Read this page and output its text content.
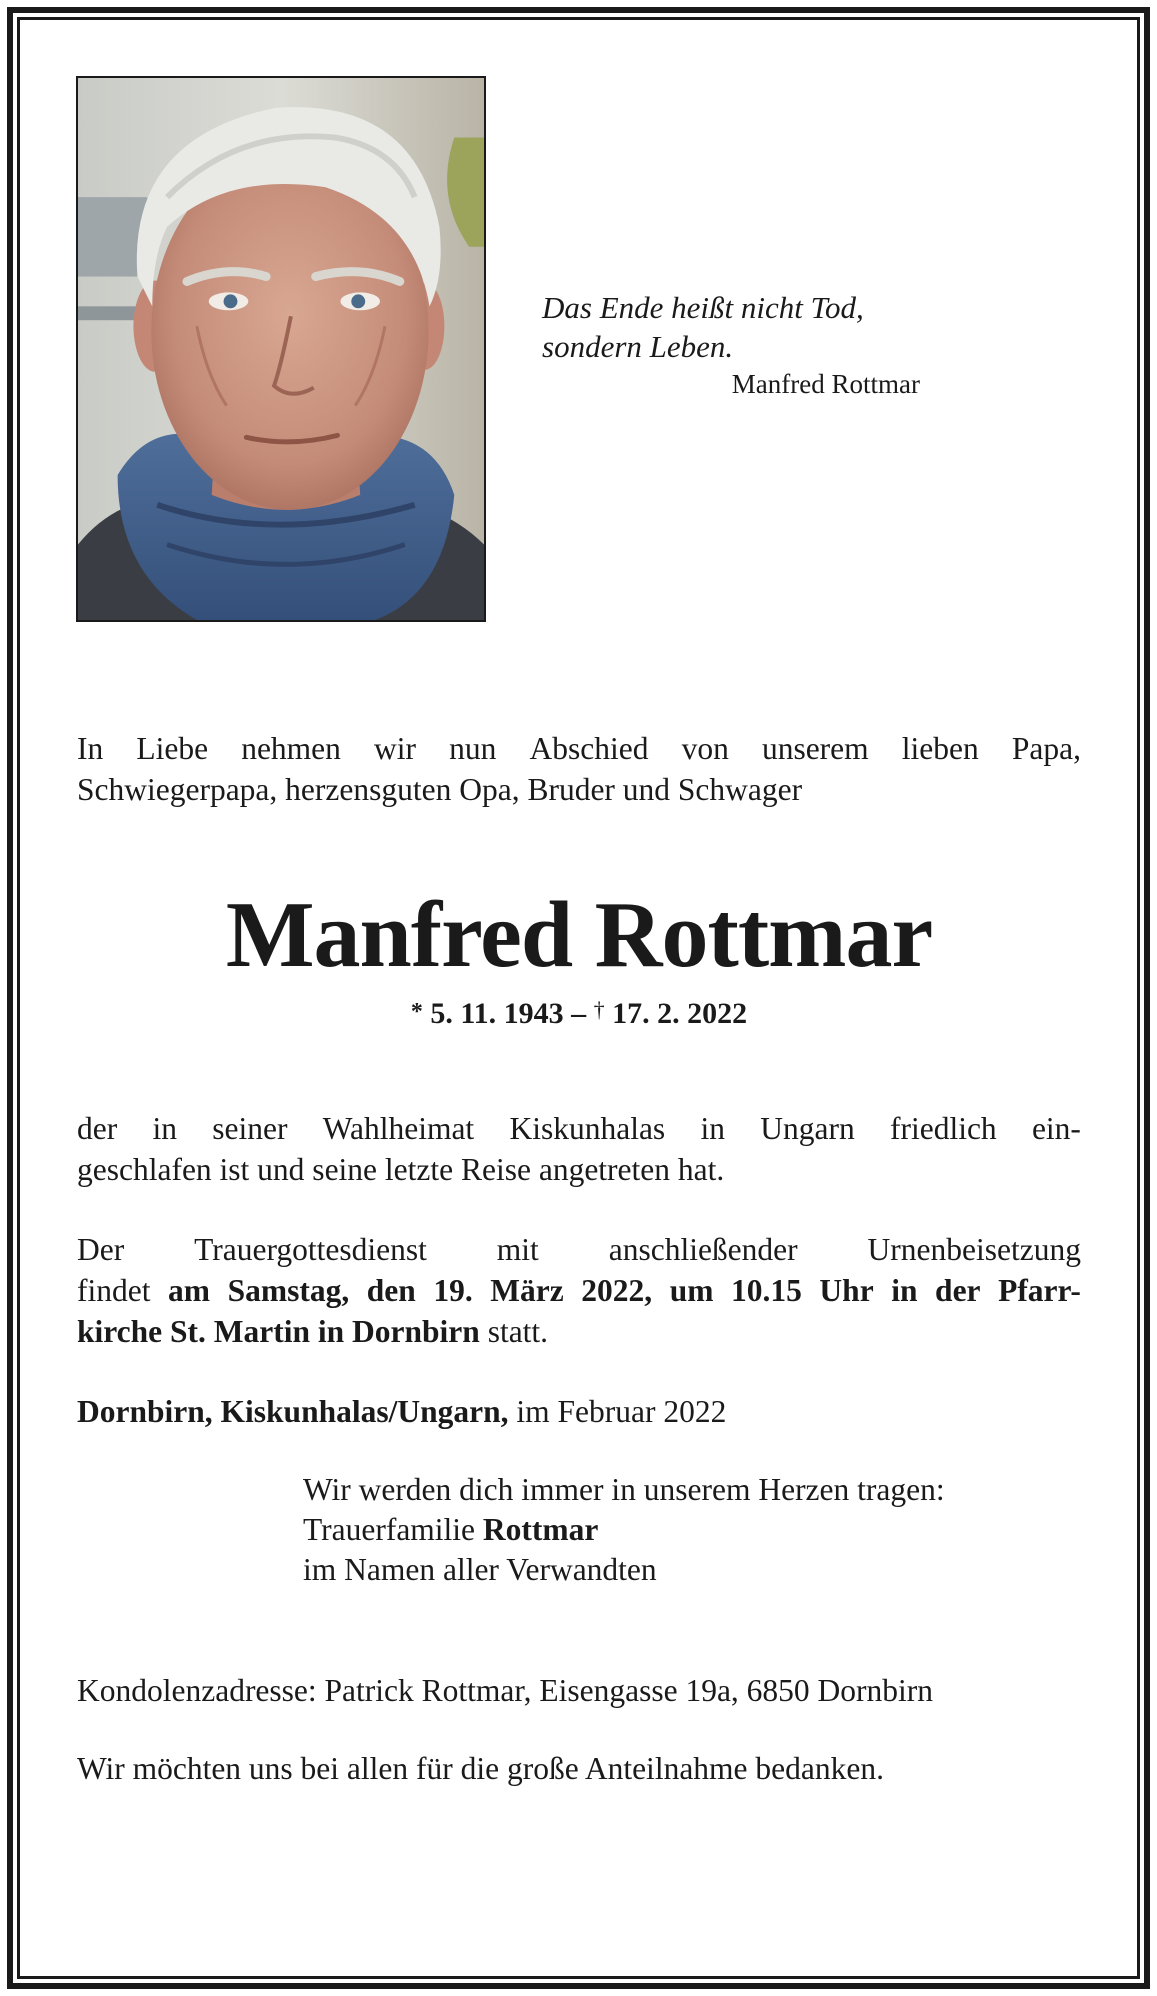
Das Ende heißt nicht Tod,
sondern Leben.
Manfred Rottmar
In Liebe nehmen wir nun Abschied von unserem lieben Papa,
Schwiegerpapa, herzensguten Opa, Bruder und Schwager
Manfred Rottmar
* 5. 11. 1943 – † 17. 2. 2022
der in seiner Wahlheimat Kiskunhalas in Ungarn friedlich ein-
geschlafen ist und seine letzte Reise angetreten hat.
Der Trauergottesdienst mit anschließender Urnenbeisetzung
findet am Samstag, den 19. März 2022, um 10.15 Uhr in der Pfarr-
kirche St. Martin in Dornbirn statt.
Dornbirn, Kiskunhalas/Ungarn, im Februar 2022
Wir werden dich immer in unserem Herzen tragen:
Trauerfamilie Rottmar
im Namen aller Verwandten
Kondolenzadresse: Patrick Rottmar, Eisengasse 19a, 6850 Dornbirn
Wir möchten uns bei allen für die große Anteilnahme bedanken.
